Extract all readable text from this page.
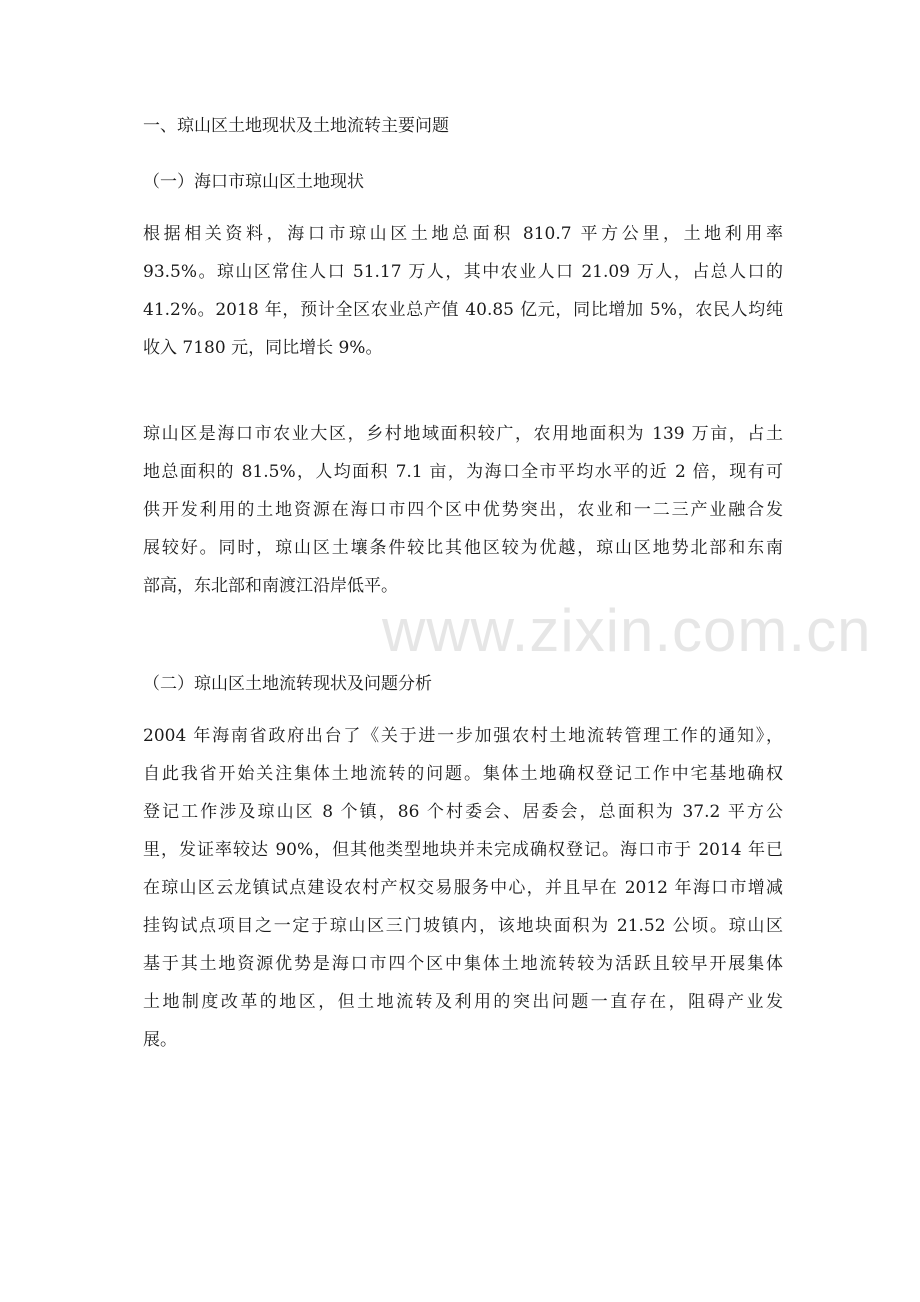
一、琼山区土地现状及土地流转主要问题
（一）海口市琼山区土地现状
根据相关资料，海口市琼山区土地总面积 810.7 平方公里，土地利用率
93.5%。琼山区常住人口 51.17 万人，其中农业人口 21.09 万人，占总人口的
41.2%。2018 年，预计全区农业总产值 40.85 亿元，同比增加 5%，农民人均纯
收入 7180 元，同比增长 9%。
琼山区是海口市农业大区，乡村地域面积较广，农用地面积为 139 万亩，占土
地总面积的 81.5%，人均面积 7.1 亩，为海口全市平均水平的近 2 倍，现有可
供开发利用的土地资源在海口市四个区中优势突出，农业和一二三产业融合发
展较好。同时，琼山区土壤条件较比其他区较为优越，琼山区地势北部和东南
部高，东北部和南渡江沿岸低平。
（二）琼山区土地流转现状及问题分析
2004 年海南省政府出台了《关于进一步加强农村土地流转管理工作的通知》，
自此我省开始关注集体土地流转的问题。集体土地确权登记工作中宅基地确权
登记工作涉及琼山区 8 个镇，86 个村委会、居委会，总面积为 37.2 平方公
里，发证率较达 90%，但其他类型地块并未完成确权登记。海口市于 2014 年已
在琼山区云龙镇试点建设农村产权交易服务中心，并且早在 2012 年海口市增减
挂钩试点项目之一定于琼山区三门坡镇内，该地块面积为 21.52 公顷。琼山区
基于其土地资源优势是海口市四个区中集体土地流转较为活跃且较早开展集体
土地制度改革的地区，但土地流转及利用的突出问题一直存在，阻碍产业发
展。
www.zixin.com.cn
